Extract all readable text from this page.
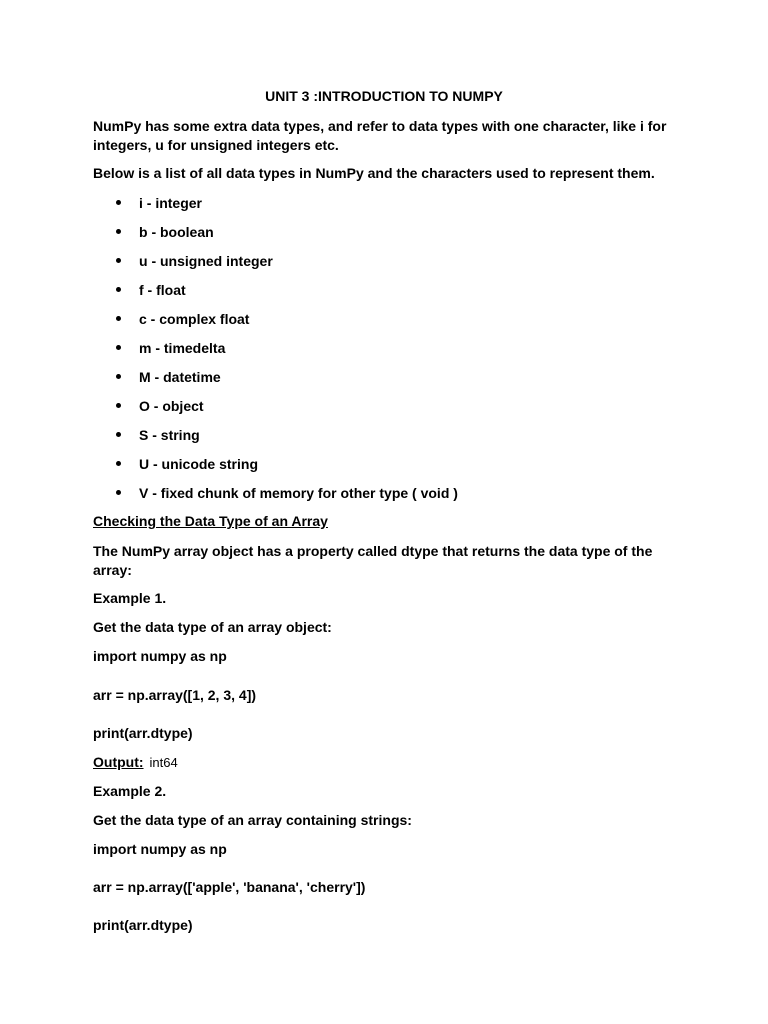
UNIT 3 :INTRODUCTION TO NUMPY
NumPy has some extra data types, and refer to data types with one character, like i for
integers, u for unsigned integers etc.
Below is a list of all data types in NumPy and the characters used to represent them.
i - integer
b - boolean
u - unsigned integer
f - float
c - complex float
m - timedelta
M - datetime
O - object
S - string
U - unicode string
V - fixed chunk of memory for other type ( void )
Checking the Data Type of an Array
The NumPy array object has a property called dtype that returns the data type of the
array:
Example 1.
Get the data type of an array object:
import numpy as np
arr = np.array([1, 2, 3, 4])
print(arr.dtype)
Output: int64
Example 2.
Get the data type of an array containing strings:
import numpy as np
arr = np.array(['apple', 'banana', 'cherry'])
print(arr.dtype)
